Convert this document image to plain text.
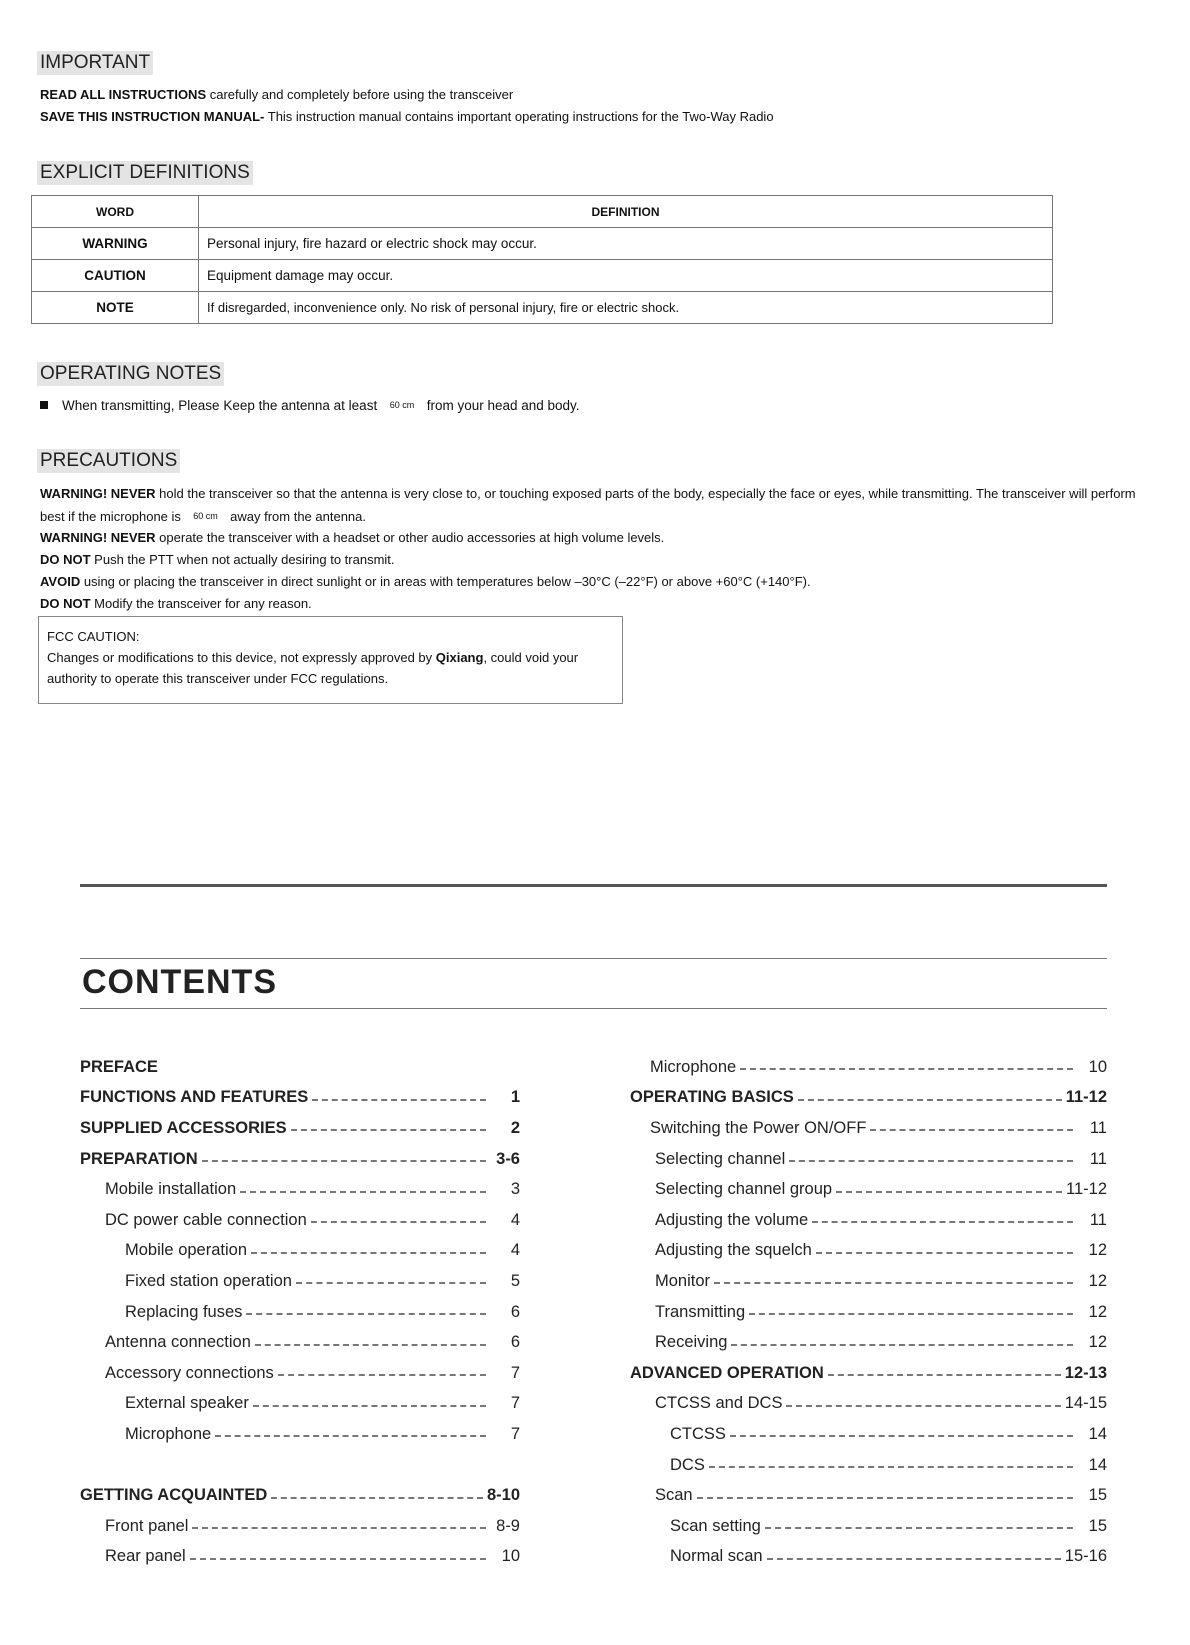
IMPORTANT
READ ALL INSTRUCTIONS carefully and completely before using the transceiver
SAVE THIS INSTRUCTION MANUAL- This instruction manual contains important operating instructions for the Two-Way Radio
EXPLICIT DEFINITIONS
WORD	DEFINITION
WARNING	Personal injury, fire hazard or electric shock may occur.
CAUTION	Equipment damage may occur.
NOTE	If disregarded, inconvenience only. No risk of personal injury, fire or electric shock.
OPERATING NOTES
When transmitting, Please Keep the antenna at least 60 cm from your head and body.
PRECAUTIONS
WARNING! NEVER hold the transceiver so that the antenna is very close to, or touching exposed parts of the body, especially the face or eyes, while transmitting. The transceiver will perform best if the microphone is 60 cm away from the antenna.
WARNING! NEVER operate the transceiver with a headset or other audio accessories at high volume levels.
DO NOT Push the PTT when not actually desiring to transmit.
AVOID using or placing the transceiver in direct sunlight or in areas with temperatures below –30°C (–22°F) or above +60°C (+140°F).
DO NOT Modify the transceiver for any reason.
FCC CAUTION:
Changes or modifications to this device, not expressly approved by Qixiang, could void your authority to operate this transceiver under FCC regulations.
CONTENTS
PREFACE
FUNCTIONS AND FEATURES	1
SUPPLIED ACCESSORIES	2
PREPARATION	3-6
Mobile installation	3
DC power cable connection	4
Mobile operation	4
Fixed station operation	5
Replacing fuses	6
Antenna connection	6
Accessory connections	7
External speaker	7
Microphone	7
GETTING ACQUAINTED	8-10
Front panel	8-9
Rear panel	10
Microphone	10
OPERATING BASICS	11-12
Switching the Power ON/OFF	11
Selecting channel	11
Selecting channel group	11-12
Adjusting the volume	11
Adjusting the squelch	12
Monitor	12
Transmitting	12
Receiving	12
ADVANCED OPERATION	12-13
CTCSS and DCS	14-15
CTCSS	14
DCS	14
Scan	15
Scan setting	15
Normal scan	15-16
